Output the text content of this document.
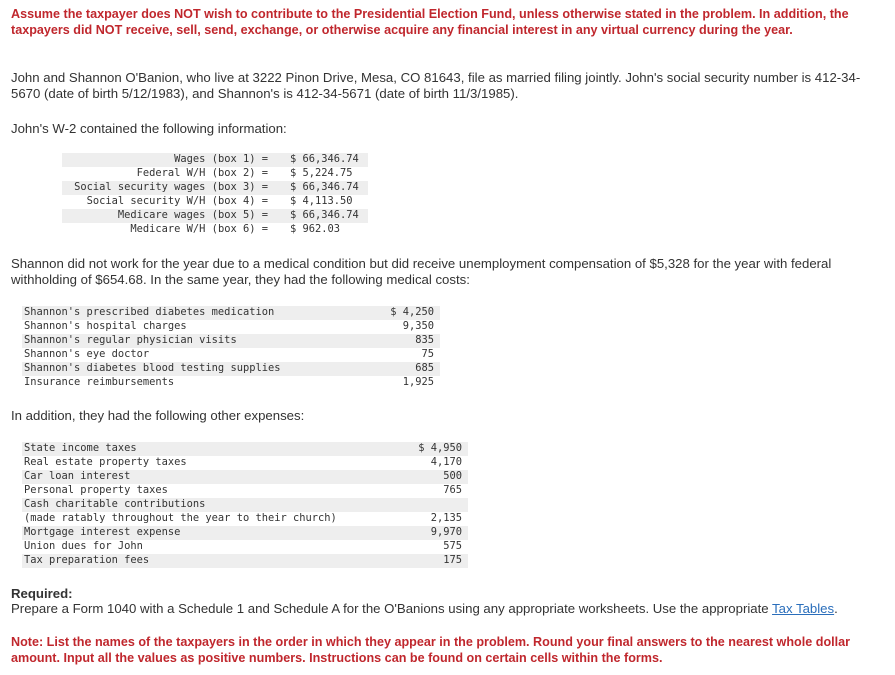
Assume the taxpayer does NOT wish to contribute to the Presidential Election Fund, unless otherwise stated in the problem. In addition, the taxpayers did NOT receive, sell, send, exchange, or otherwise acquire any financial interest in any virtual currency during the year.
John and Shannon O'Banion, who live at 3222 Pinon Drive, Mesa, CO 81643, file as married filing jointly. John's social security number is 412-34-5670 (date of birth 5/12/1983), and Shannon's is 412-34-5671 (date of birth 11/3/1985).
John's W-2 contained the following information:
Wages (box 1) = $ 66,346.74
Federal W/H (box 2) = $ 5,224.75
Social security wages (box 3) = $ 66,346.74
Social security W/H (box 4) = $ 4,113.50
Medicare wages (box 5) = $ 66,346.74
Medicare W/H (box 6) = $ 962.03
Shannon did not work for the year due to a medical condition but did receive unemployment compensation of $5,328 for the year with federal withholding of $654.68. In the same year, they had the following medical costs:
Shannon's prescribed diabetes medication	$ 4,250
Shannon's hospital charges	9,350
Shannon's regular physician visits	835
Shannon's eye doctor	75
Shannon's diabetes blood testing supplies	685
Insurance reimbursements	1,925
In addition, they had the following other expenses:
State income taxes	$ 4,950
Real estate property taxes	4,170
Car loan interest	500
Personal property taxes	765
Cash charitable contributions
(made ratably throughout the year to their church)	2,135
Mortgage interest expense	9,970
Union dues for John	575
Tax preparation fees	175
Required:
Prepare a Form 1040 with a Schedule 1 and Schedule A for the O'Banions using any appropriate worksheets. Use the appropriate Tax Tables.
Note: List the names of the taxpayers in the order in which they appear in the problem. Round your final answers to the nearest whole dollar amount. Input all the values as positive numbers. Instructions can be found on certain cells within the forms.
